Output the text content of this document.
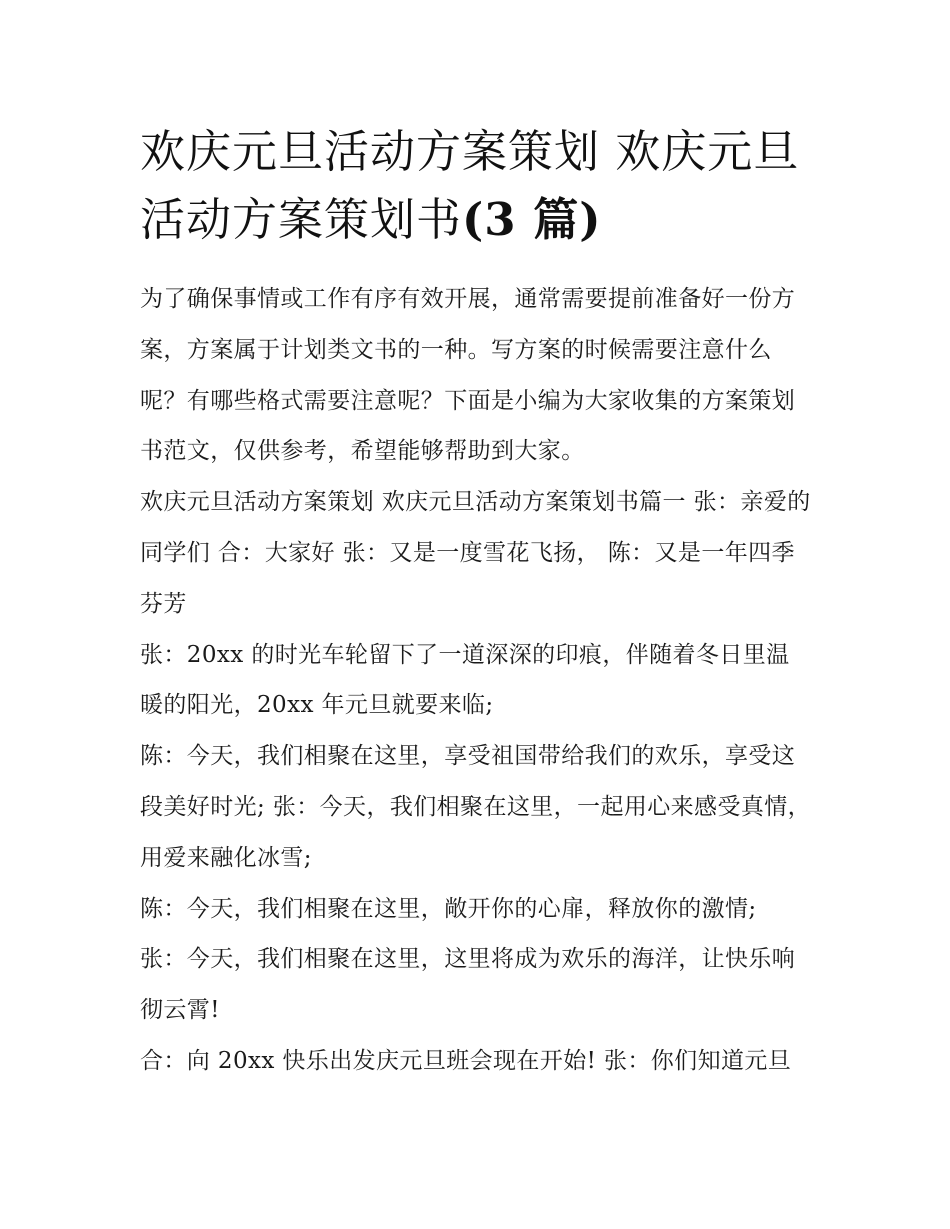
欢庆元旦活动方案策划 欢庆元旦活动方案策划书(3 篇)

为了确保事情或工作有序有效开展，通常需要提前准备好一份方案，方案属于计划类文书的一种。写方案的时候需要注意什么呢？有哪些格式需要注意呢？下面是小编为大家收集的方案策划书范文，仅供参考，希望能够帮助到大家。

欢庆元旦活动方案策划 欢庆元旦活动方案策划书篇一 张：亲爱的同学们 合：大家好 张：又是一度雪花飞扬， 陈：又是一年四季芬芳

张：20xx 的时光车轮留下了一道深深的印痕，伴随着冬日里温暖的阳光，20xx 年元旦就要来临;

陈：今天，我们相聚在这里，享受祖国带给我们的欢乐，享受这段美好时光; 张：今天，我们相聚在这里，一起用心来感受真情，用爱来融化冰雪;

陈：今天，我们相聚在这里，敞开你的心扉，释放你的激情;

张：今天，我们相聚在这里，这里将成为欢乐的海洋，让快乐响彻云霄!

合：向 20xx 快乐出发庆元旦班会现在开始! 张：你们知道元旦
